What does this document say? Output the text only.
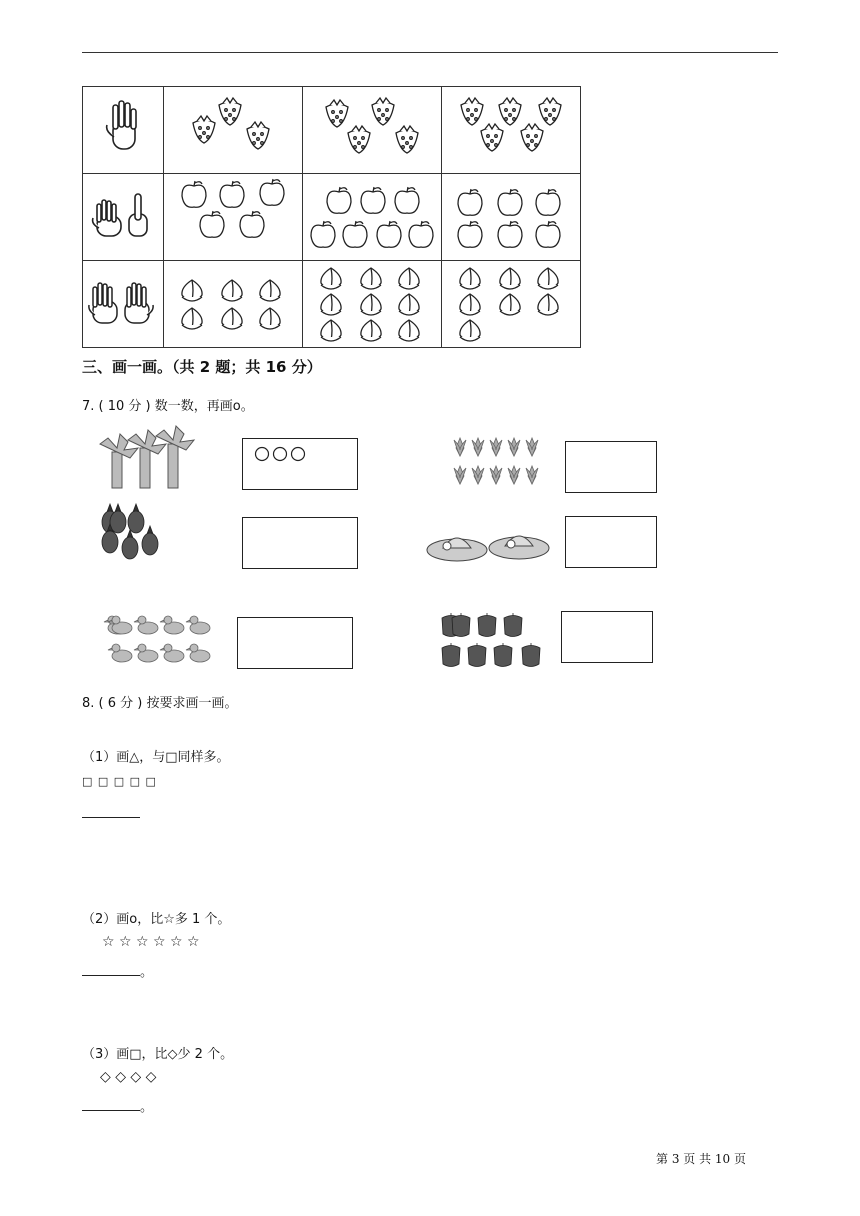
三、画一画。（共 2 题；共 16 分）
7. ( 10 分 ) 数一数，再画o。
8. ( 6 分 ) 按要求画一画。
（1）画△，与□同样多。
□ □ □ □ □
（2）画o，比☆多 1 个。
☆ ☆ ☆ ☆ ☆ ☆
。
（3）画□，比◇少 2 个。
◇ ◇ ◇ ◇
。
第 3 页 共 10 页
